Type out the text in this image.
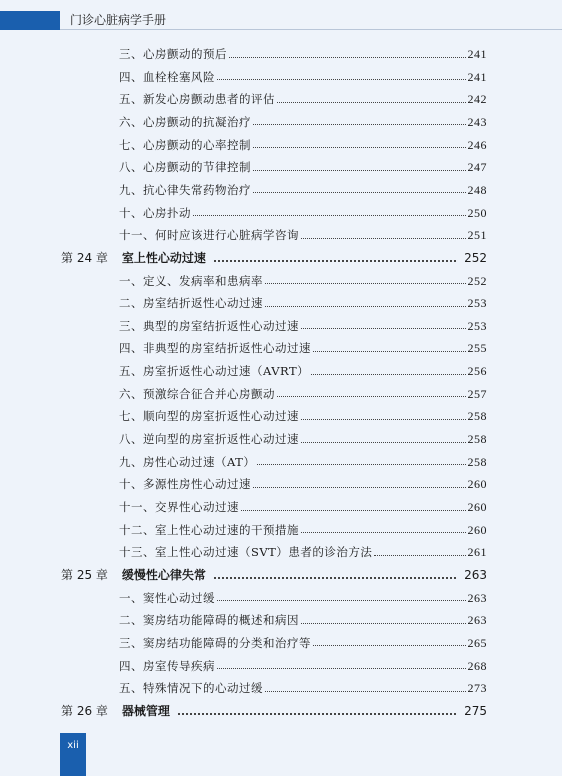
门诊心脏病学手册
三、心房颤动的预后	241
四、血栓栓塞风险	241
五、新发心房颤动患者的评估	242
六、心房颤动的抗凝治疗	243
七、心房颤动的心率控制	246
八、心房颤动的节律控制	247
九、抗心律失常药物治疗	248
十、心房扑动	250
十一、何时应该进行心脏病学咨询	251
第 24 章 室上性心动过速	252
一、定义、发病率和患病率	252
二、房室结折返性心动过速	253
三、典型的房室结折返性心动过速	253
四、非典型的房室结折返性心动过速	255
五、房室折返性心动过速（AVRT）	256
六、预激综合征合并心房颤动	257
七、顺向型的房室折返性心动过速	258
八、逆向型的房室折返性心动过速	258
九、房性心动过速（AT）	258
十、多源性房性心动过速	260
十一、交界性心动过速	260
十二、室上性心动过速的干预措施	260
十三、室上性心动过速（SVT）患者的诊治方法	261
第 25 章 缓慢性心律失常	263
一、窦性心动过缓	263
二、窦房结功能障碍的概述和病因	263
三、窦房结功能障碍的分类和治疗等	265
四、房室传导疾病	268
五、特殊情况下的心动过缓	273
第 26 章 器械管理	275
xii
